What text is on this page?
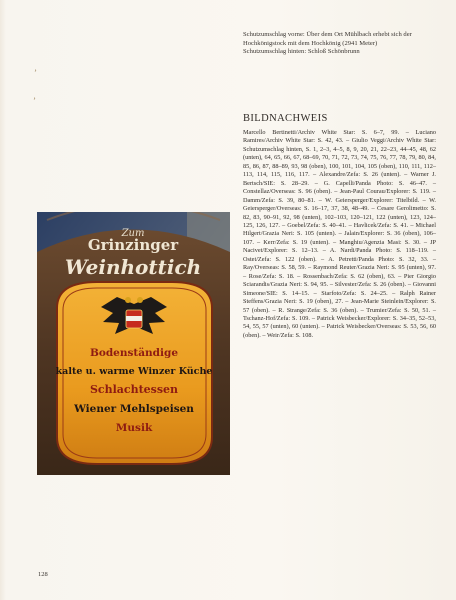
’
’
Schutzumschlag vorne: Über dem Ort Mühlbach erhebt sich der Hochkönigstock mit dem Hochkönig (2941 Meter)
Schutzumschlag hinten: Schloß Schönbrunn
BILDNACHWEIS
Marcello Bertinetti/Archiv White Star: S. 6–7, 99. – Luciano Ramires/Archiv White Star: S. 42, 43. – Giulio Veggi/Archiv White Star: Schutzumschlag hinten, S. 1, 2–3, 4–5, 8, 9, 20, 21, 22–23, 44–45, 48, 62 (unten), 64, 65, 66, 67, 68–69, 70, 71, 72, 73, 74, 75, 76, 77, 78, 79, 80, 84, 85, 86, 87, 88–89, 93, 98 (oben), 100, 101, 104, 105 (oben), 110, 111, 112–113, 114, 115, 116, 117. – Alexandre/Zefa: S. 26 (unten). – Warner J. Bertsch/SIE: S. 28–29. – G. Capelli/Panda Photo: S. 46–47. – Constellaz/Overseas: S. 96 (oben). – Jean-Paul Courau/Explorer: S. 119. – Damm/Zefa: S. 39, 80–81. – W. Geiersperger/Explorer: Titelbild. – W. Geiersperger/Overseas: S. 16–17, 37, 38, 48–49. – Cesare Gerolimetto: S. 82, 83, 90–91, 92, 98 (unten), 102–103, 120–121, 122 (unten), 123, 124–125, 126, 127. – Goebel/Zefa: S. 40–41. – Havlicek/Zefa: S. 41. – Michael Hilgert/Grazia Neri: S. 105 (unten). – Jalain/Explorer: S. 36 (oben), 106–107. – Kerr/Zefa: S. 19 (unten). – Manghiu/Agenzia Masi: S. 30. – JP Nacivet/Explorer: S. 12–13. – A. Nardi/Panda Photo: S. 118–119. – Ostet/Zefa: S. 122 (oben). – A. Petretti/Panda Photo: S. 32, 33. – Ray/Overseas: S. 58, 59. – Raymond Reuter/Grazia Neri: S. 95 (unten), 97. – Rose/Zefa: S. 18. – Rossenbach/Zefa: S. 62 (oben), 63. – Pier Giorgio Sciarandis/Grazia Neri: S. 94, 95. – Silvester/Zefa: S. 26 (oben). – Giovanni Simeone/SIE: S. 14–15. – Starfoto/Zefa: S. 24–25. – Ralph Rainer Steffens/Grazia Neri: S. 19 (oben), 27. – Jean-Marie Steinlein/Explorer: S. 57 (oben). – R. Strange/Zefa: S. 36 (oben). – Trumier/Zefa: S. 50, 51. – Tschanz-Hof/Zefa: S. 109. – Patrick Weisbecker/Explorer: S. 34–35, 52–53, 54, 55, 57 (unten), 60 (unten). – Patrick Weisbecker/Overseas: S. 53, 56, 60 (oben). – Weir/Zefa: S. 108.
Zum
Grinzinger
Weinhottich
Bodenständige
kalte u. warme Winzer Küche
Schlachtessen
Wiener Mehlspeisen
Musik
128
